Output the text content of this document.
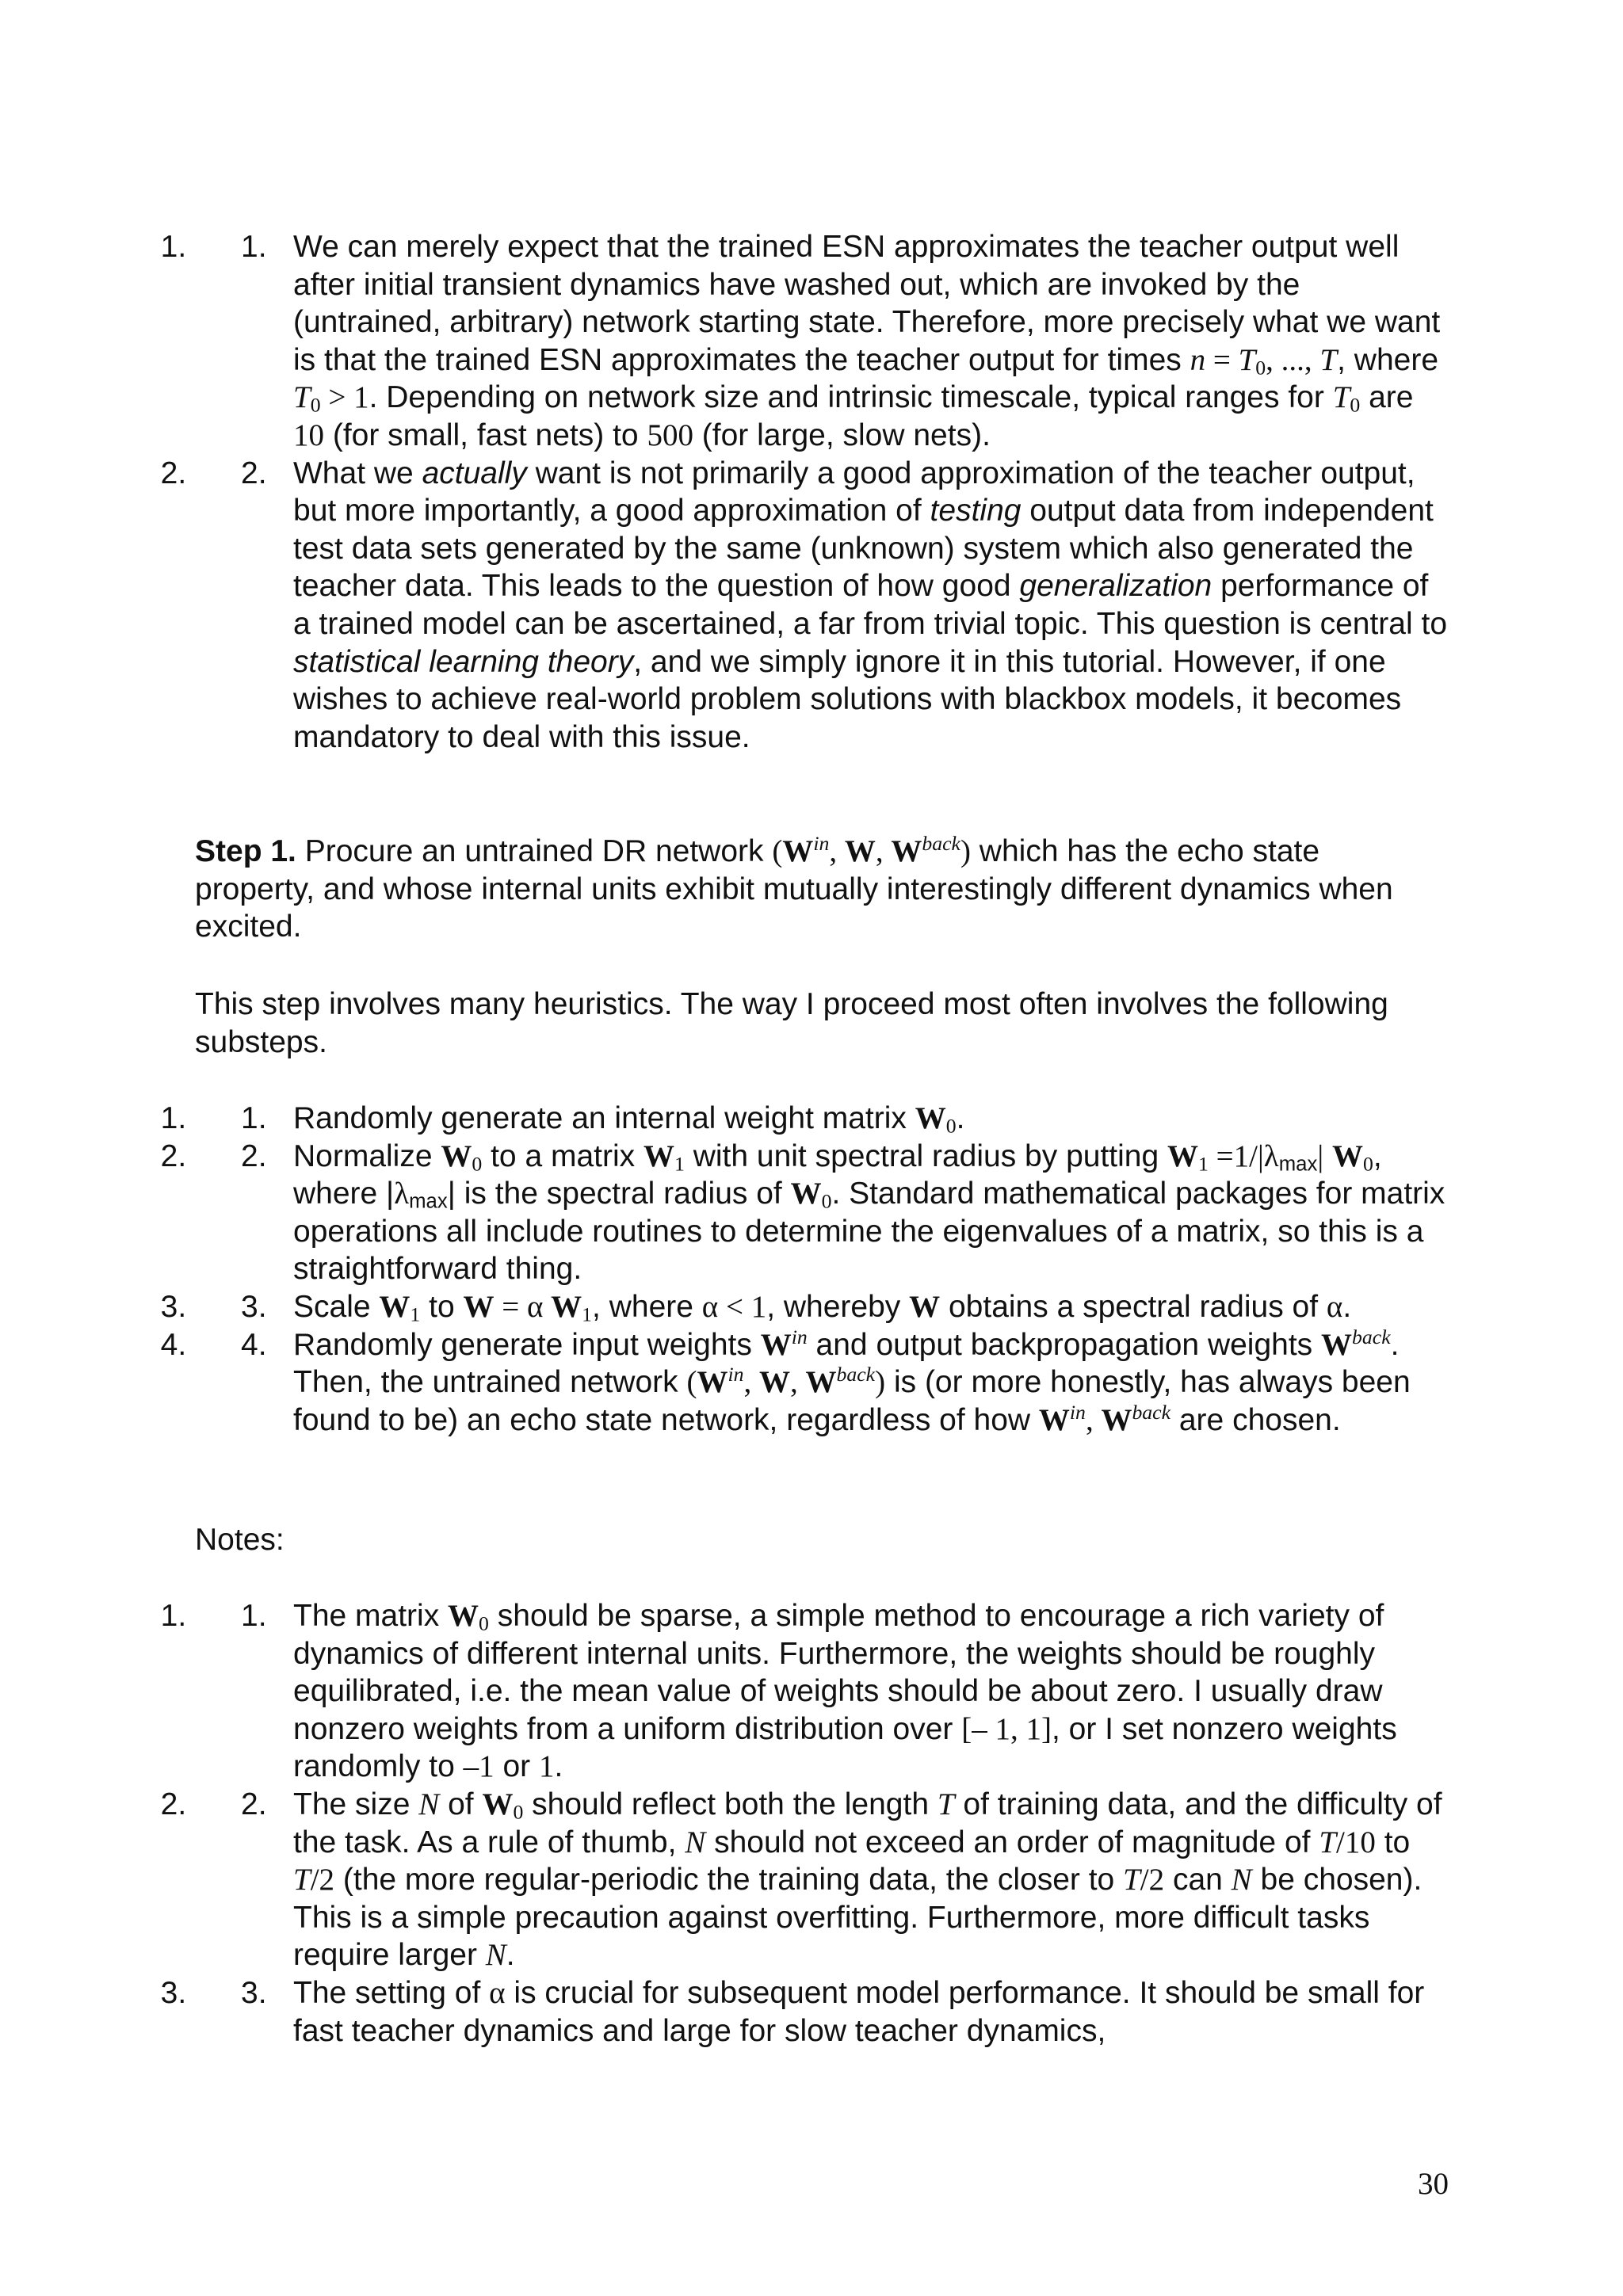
1. 1. We can merely expect that the trained ESN approximates the teacher output well after initial transient dynamics have washed out, which are invoked by the (untrained, arbitrary) network starting state. Therefore, more precisely what we want is that the trained ESN approximates the teacher output for times $n = T_0$, ..., T, where $T_0 > 1$. Depending on network size and intrinsic timescale, typical ranges for $T_0$ are 10 (for small, fast nets) to 500 (for large, slow nets).
2. 2. What we actually want is not primarily a good approximation of the teacher output, but more importantly, a good approximation of testing output data from independent test data sets generated by the same (unknown) system which also generated the teacher data. This leads to the question of how good generalization performance of a trained model can be ascertained, a far from trivial topic. This question is central to statistical learning theory, and we simply ignore it in this tutorial. However, if one wishes to achieve real-world problem solutions with blackbox models, it becomes mandatory to deal with this issue.

Step 1. Procure an untrained DR network ($W^{in}$, W, $W^{back}$) which has the echo state property, and whose internal units exhibit mutually interestingly different dynamics when excited.

This step involves many heuristics. The way I proceed most often involves the following substeps.

1. 1. Randomly generate an internal weight matrix $W_0$.
2. 2. Normalize $W_0$ to a matrix $W_1$ with unit spectral radius by putting $W_1 =1/|\lambda_{max}|$ $W_0$, where $|\lambda_{max}|$ is the spectral radius of $W_0$. Standard mathematical packages for matrix operations all include routines to determine the eigenvalues of a matrix, so this is a straightforward thing.
3. 3. Scale $W_1$ to W = α $W_1$, where α < 1, whereby W obtains a spectral radius of α.
4. 4. Randomly generate input weights $W^{in}$ and output backpropagation weights $W^{back}$. Then, the untrained network ($W^{in}$, W, $W^{back}$) is (or more honestly, has always been found to be) an echo state network, regardless of how $W^{in}$, $W^{back}$ are chosen.

Notes:

1. 1. The matrix $W_0$ should be sparse, a simple method to encourage a rich variety of dynamics of different internal units. Furthermore, the weights should be roughly equilibrated, i.e. the mean value of weights should be about zero. I usually draw nonzero weights from a uniform distribution over [– 1, 1], or I set nonzero weights randomly to –1 or 1.
2. 2. The size N of $W_0$ should reflect both the length T of training data, and the difficulty of the task. As a rule of thumb, N should not exceed an order of magnitude of T/10 to T/2 (the more regular-periodic the training data, the closer to T/2 can N be chosen). This is a simple precaution against overfitting. Furthermore, more difficult tasks require larger N.
3. 3. The setting of α is crucial for subsequent model performance. It should be small for fast teacher dynamics and large for slow teacher dynamics,
30
